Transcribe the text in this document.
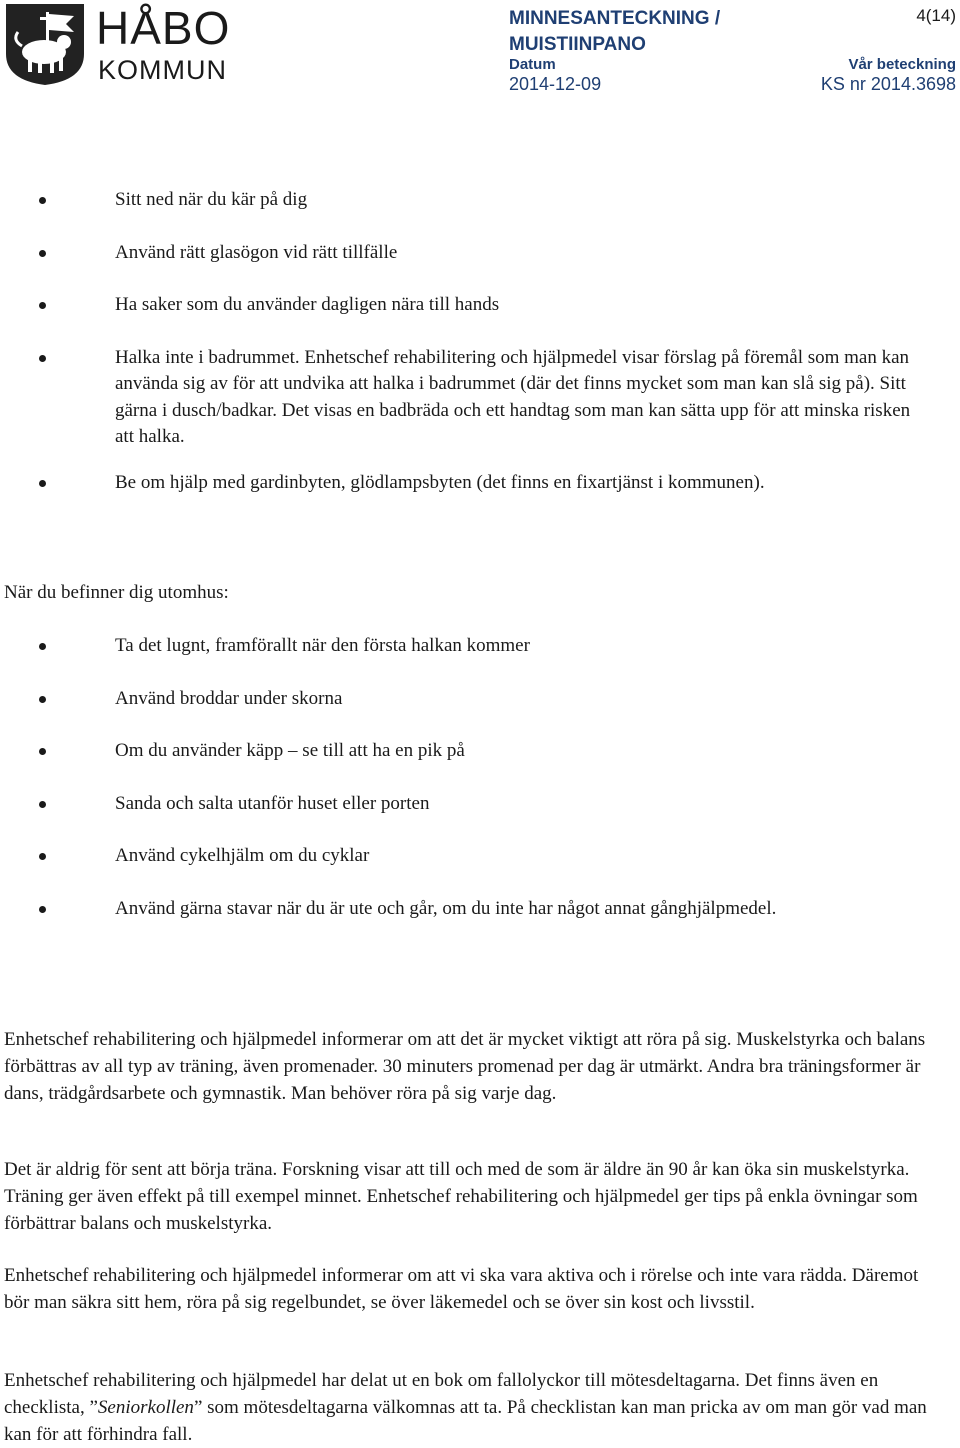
HÅBO
KOMMUN
MINNESANTECKNING / MUISTIINPANO
4(14)
Datum
2014-12-09
Vår beteckning
KS nr 2014.3698
Sitt ned när du kär på dig
Använd rätt glasögon vid rätt tillfälle
Ha saker som du använder dagligen nära till hands
Halka inte i badrummet. Enhetschef rehabilitering och hjälpmedel visar förslag på föremål som man kan använda sig av för att undvika att halka i badrummet (där det finns mycket som man kan slå sig på). Sitt gärna i dusch/badkar. Det visas en badbräda och ett handtag som man kan sätta upp för att minska risken att halka.
Be om hjälp med gardinbyten, glödlampsbyten (det finns en fixartjänst i kommunen).
När du befinner dig utomhus:
Ta det lugnt, framförallt när den första halkan kommer
Använd broddar under skorna
Om du använder käpp – se till att ha en pik på
Sanda och salta utanför huset eller porten
Använd cykelhjälm om du cyklar
Använd gärna stavar när du är ute och går, om du inte har något annat gånghjälpmedel.

Enhetschef rehabilitering och hjälpmedel informerar om att det är mycket viktigt att röra på sig. Muskelstyrka och balans förbättras av all typ av träning, även promenader. 30 minuters promenad per dag är utmärkt. Andra bra träningsformer är dans, trädgårdsarbete och gymnastik. Man behöver röra på sig varje dag.

Det är aldrig för sent att börja träna. Forskning visar att till och med de som är äldre än 90 år kan öka sin muskelstyrka. Träning ger även effekt på till exempel minnet. Enhetschef rehabilitering och hjälpmedel ger tips på enkla övningar som förbättrar balans och muskelstyrka.

Enhetschef rehabilitering och hjälpmedel informerar om att vi ska vara aktiva och i rörelse och inte vara rädda. Däremot bör man säkra sitt hem, röra på sig regelbundet, se över läkemedel och se över sin kost och livsstil.

Enhetschef rehabilitering och hjälpmedel har delat ut en bok om fallolyckor till mötesdeltagarna. Det finns även en checklista, ”Seniorkollen” som mötesdeltagarna välkomnas att ta. På checklistan kan man pricka av om man gör vad man kan för att förhindra fall.
